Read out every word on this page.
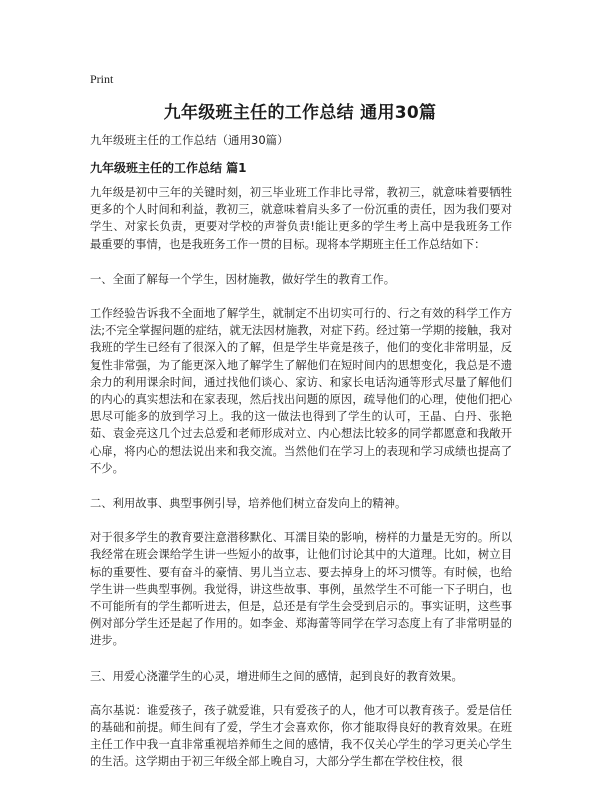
Print
九年级班主任的工作总结 通用30篇

九年级班主任的工作总结（通用30篇）

九年级班主任的工作总结 篇1

九年级是初中三年的关键时刻，初三毕业班工作非比寻常，教初三，就意味着要牺牲更多的个人时间和利益，教初三，就意味着肩头多了一份沉重的责任，因为我们要对学生、对家长负责，更要对学校的声誉负责!能让更多的学生考上高中是我班务工作最重要的事情，也是我班务工作一贯的目标。现将本学期班主任工作总结如下：

一、全面了解每一个学生，因材施教，做好学生的教育工作。

工作经验告诉我不全面地了解学生，就制定不出切实可行的、行之有效的科学工作方法;不完全掌握问题的症结，就无法因材施教，对症下药。经过第一学期的接触，我对我班的学生已经有了很深入的了解，但是学生毕竟是孩子，他们的变化非常明显，反复性非常强，为了能更深入地了解学生了解他们在短时间内的思想变化，我总是不遗余力的利用课余时间，通过找他们谈心、家访、和家长电话沟通等形式尽量了解他们的内心的真实想法和在家表现，然后找出问题的原因，疏导他们的心理，使他们把心思尽可能多的放到学习上。我的这一做法也得到了学生的认可，王晶、白丹、张艳茹、袁金亮这几个过去总爱和老师形成对立、内心想法比较多的同学都愿意和我敞开心扉，将内心的想法说出来和我交流。当然他们在学习上的表现和学习成绩也提高了不少。

二、利用故事、典型事例引导，培养他们树立奋发向上的精神。

对于很多学生的教育要注意潜移默化、耳濡目染的影响，榜样的力量是无穷的。所以我经常在班会课给学生讲一些短小的故事，让他们讨论其中的大道理。比如，树立目标的重要性、要有奋斗的豪情、男儿当立志、要去掉身上的坏习惯等。有时候，也给学生讲一些典型事例。我觉得，讲这些故事、事例，虽然学生不可能一下子明白，也不可能所有的学生都听进去，但是，总还是有学生会受到启示的。事实证明，这些事例对部分学生还是起了作用的。如李金、郑海蕾等同学在学习态度上有了非常明显的进步。

三、用爱心浇灌学生的心灵，增进师生之间的感情，起到良好的教育效果。

高尔基说：谁爱孩子，孩子就爱谁，只有爱孩子的人，他才可以教育孩子。爱是信任的基础和前提。师生间有了爱，学生才会喜欢你，你才能取得良好的教育效果。在班主任工作中我一直非常重视培养师生之间的感情，我不仅关心学生的学习更关心学生的生活。这学期由于初三年级全部上晚自习，大部分学生都在学校住校，很
